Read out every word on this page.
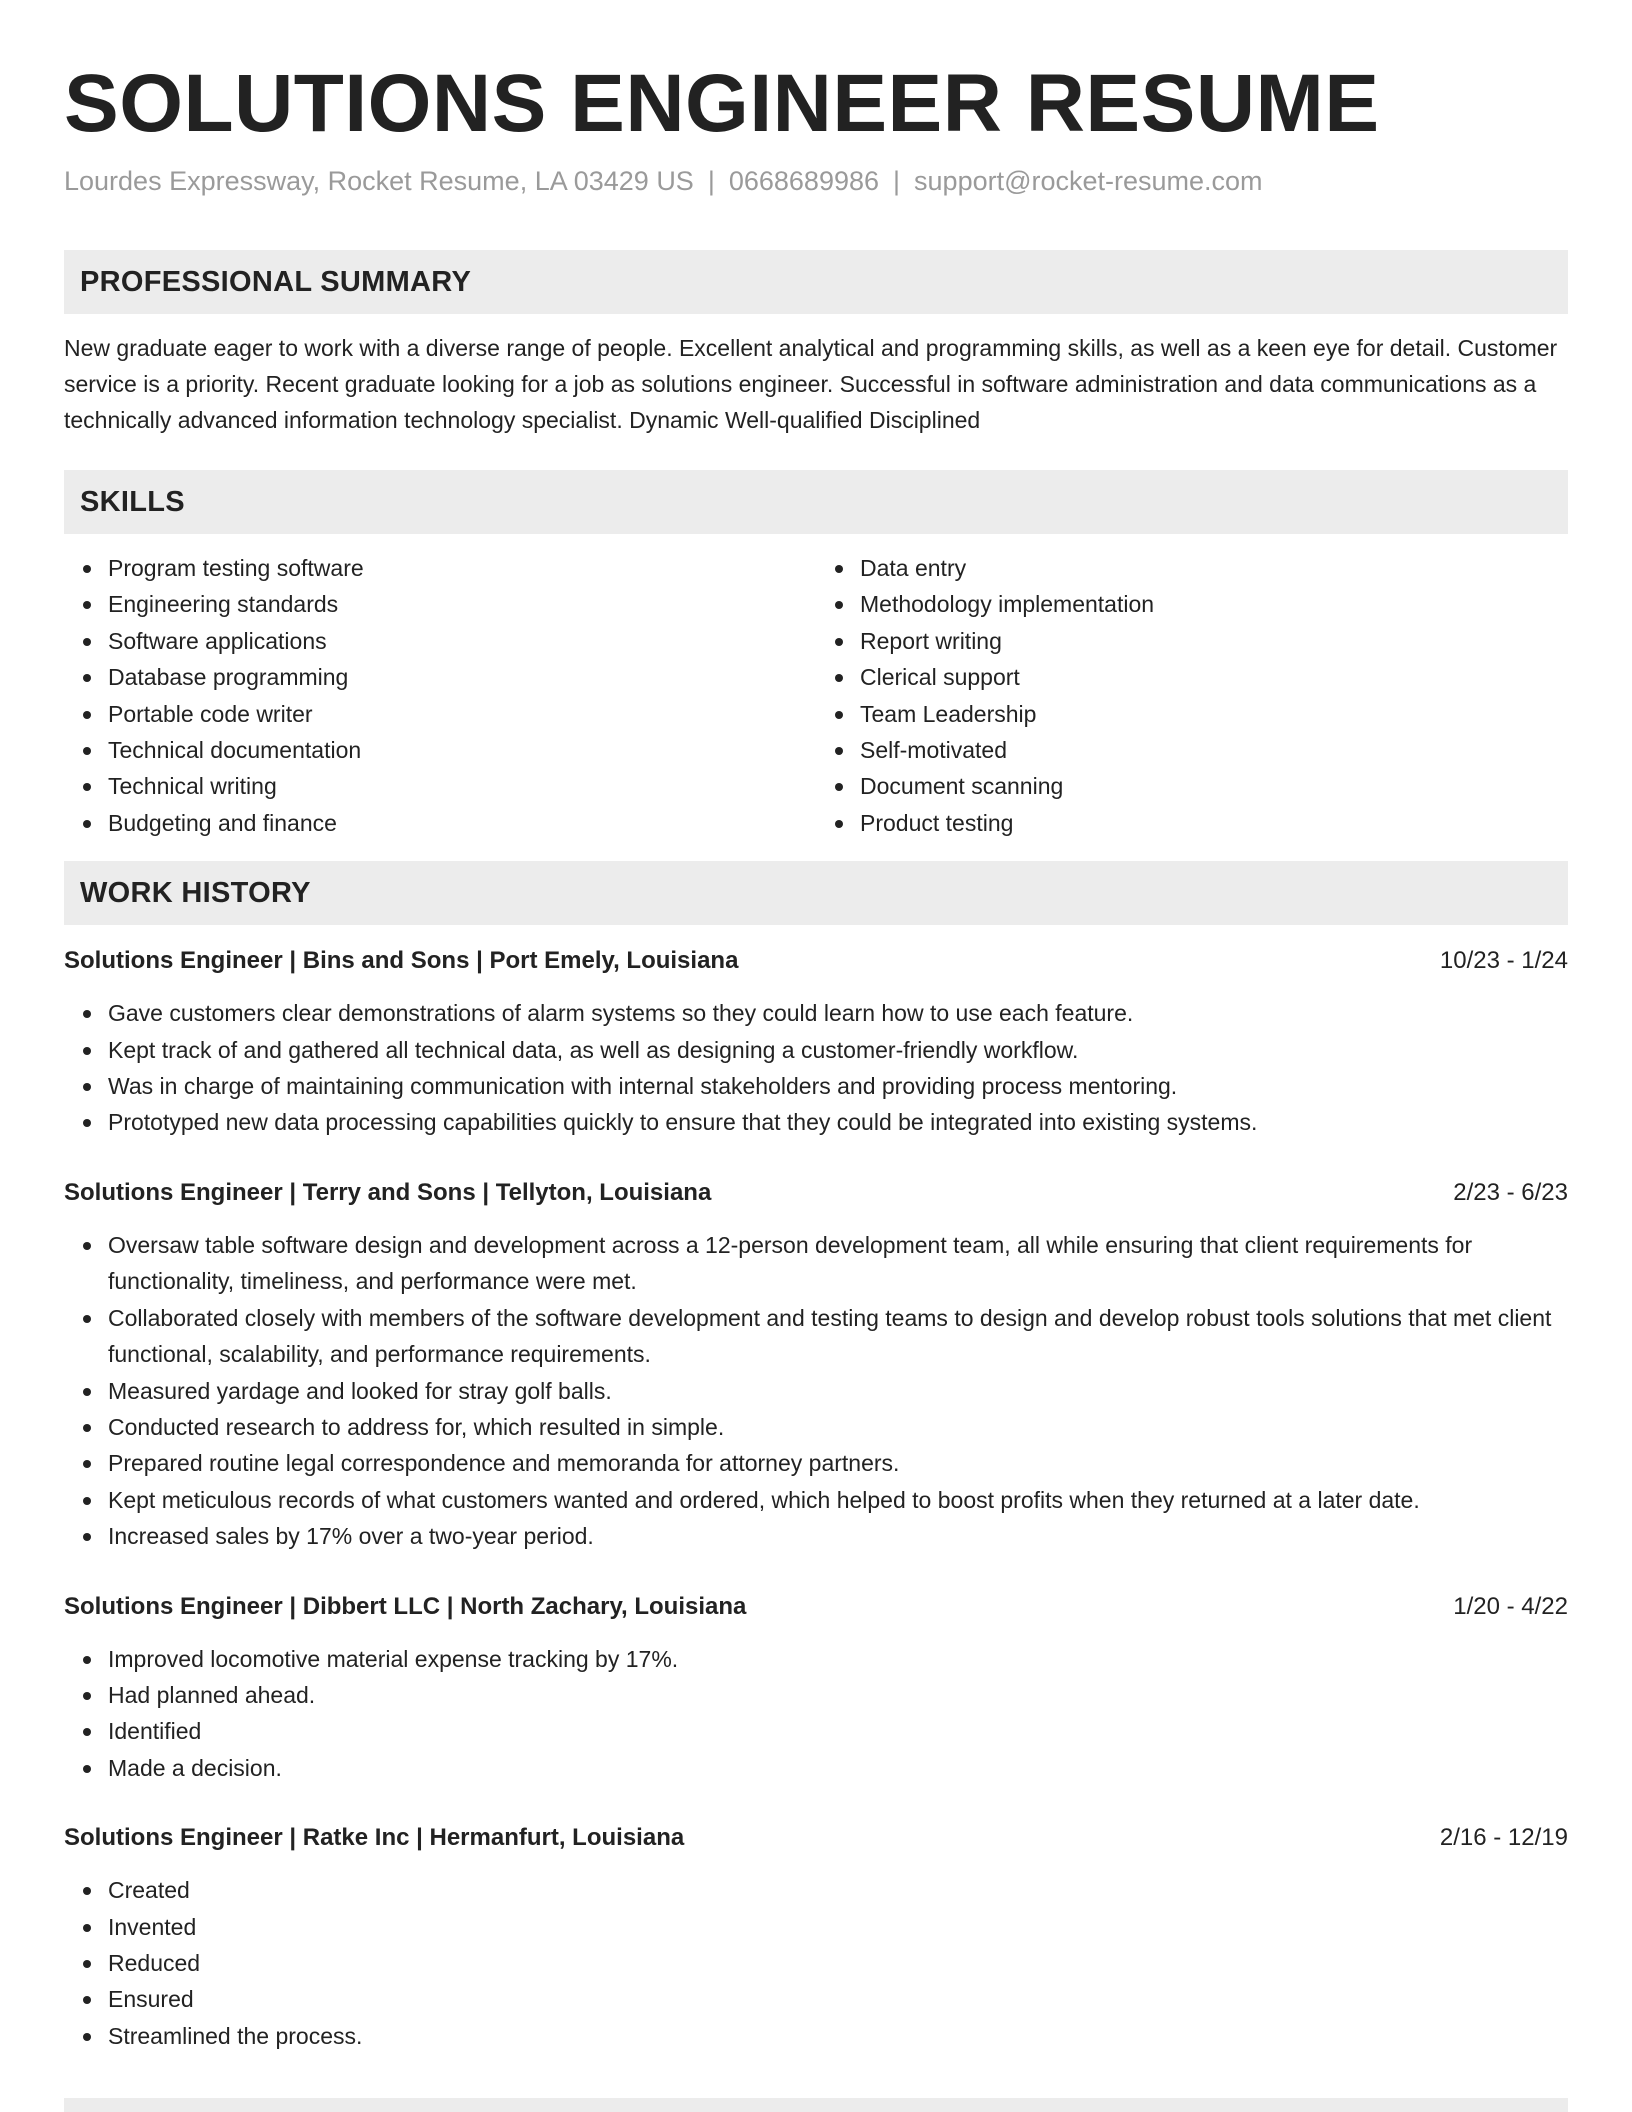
SOLUTIONS ENGINEER RESUME
Lourdes Expressway, Rocket Resume, LA 03429 US | 0668689986 | support@rocket-resume.com
PROFESSIONAL SUMMARY
New graduate eager to work with a diverse range of people. Excellent analytical and programming skills, as well as a keen eye for detail. Customer service is a priority. Recent graduate looking for a job as solutions engineer. Successful in software administration and data communications as a technically advanced information technology specialist. Dynamic Well-qualified Disciplined
SKILLS
Program testing software
Engineering standards
Software applications
Database programming
Portable code writer
Technical documentation
Technical writing
Budgeting and finance
Data entry
Methodology implementation
Report writing
Clerical support
Team Leadership
Self-motivated
Document scanning
Product testing
WORK HISTORY
Solutions Engineer | Bins and Sons | Port Emely, Louisiana	10/23 - 1/24
Gave customers clear demonstrations of alarm systems so they could learn how to use each feature.
Kept track of and gathered all technical data, as well as designing a customer-friendly workflow.
Was in charge of maintaining communication with internal stakeholders and providing process mentoring.
Prototyped new data processing capabilities quickly to ensure that they could be integrated into existing systems.
Solutions Engineer | Terry and Sons | Tellyton, Louisiana	2/23 - 6/23
Oversaw table software design and development across a 12-person development team, all while ensuring that client requirements for functionality, timeliness, and performance were met.
Collaborated closely with members of the software development and testing teams to design and develop robust tools solutions that met client functional, scalability, and performance requirements.
Measured yardage and looked for stray golf balls.
Conducted research to address for, which resulted in simple.
Prepared routine legal correspondence and memoranda for attorney partners.
Kept meticulous records of what customers wanted and ordered, which helped to boost profits when they returned at a later date.
Increased sales by 17% over a two-year period.
Solutions Engineer | Dibbert LLC | North Zachary, Louisiana	1/20 - 4/22
Improved locomotive material expense tracking by 17%.
Had planned ahead.
Identified
Made a decision.
Solutions Engineer | Ratke Inc | Hermanfurt, Louisiana	2/16 - 12/19
Created
Invented
Reduced
Ensured
Streamlined the process.
